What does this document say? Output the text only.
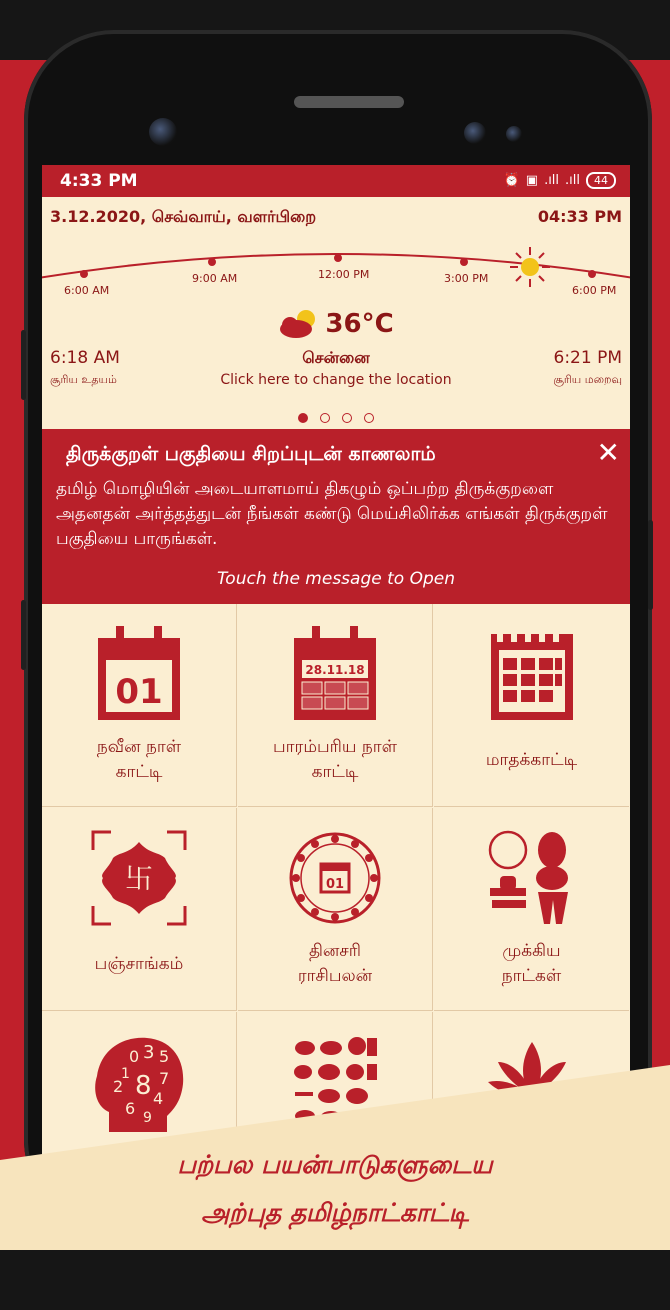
4:33 PM	⏰ ▣ .ıll .ıll	44
3.12.2020, செவ்வாய், வளர்பிறை	04:33 PM
6:00 AM
9:00 AM	12:00 PM	3:00 PM
6:00 PM
36°C
சென்னை
Click here to change the location
6:18 AM
சூரிய உதயம்
6:21 PM
சூரிய மறைவு
திருக்குறள் பகுதியை சிறப்புடன் காணலாம்	✕
தமிழ் மொழியின் அடையாளமாய் திகழும் ஒப்பற்ற திருக்குறளை அதனதன் அர்த்தத்துடன் நீங்கள் கண்டு மெய்சிலிர்க்க எங்கள் திருக்குறள் பகுதியை பாருங்கள்.
Touch the message to Open
01
நவீன நாள்
காட்டி
28.11.18
பாரம்பரிய நாள்
காட்டி
மாதக்காட்டி
卐
பஞ்சாங்கம்
01
தினசரி
ராசிபலன்
முக்கிய
நாட்கள்
0 3 5
1
2 8 7
6
4
9
பற்பல பயன்பாடுகளுடைய
அற்புத தமிழ்நாட்காட்டி
